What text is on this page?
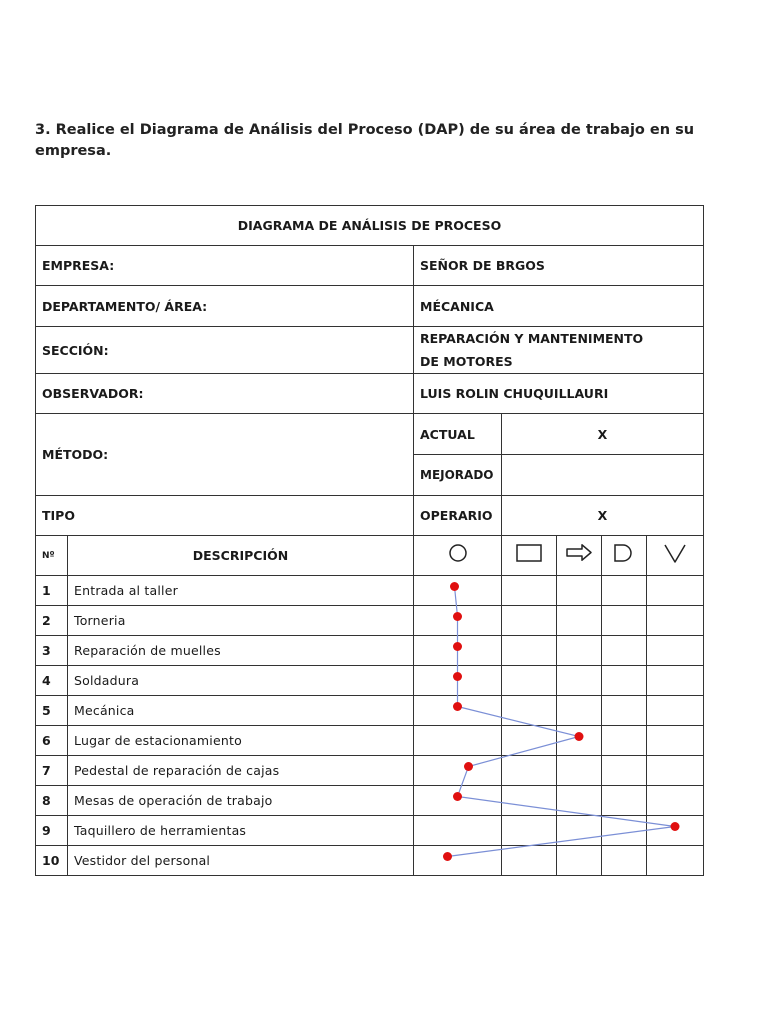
3. Realice el Diagrama de Análisis del Proceso (DAP) de su área de trabajo en su empresa.
DIAGRAMA DE ANÁLISIS DE PROCESO						
EMPRESA:		SEÑOR DE BRGOS				
DEPARTAMENTO/ ÁREA:		MÉCANICA				
SECCIÓN:		REPARACIÓN Y MANTENIMENTO DE MOTORES				
OBSERVADOR:		LUIS ROLIN CHUQUILLAURI				
MÉTODO:		ACTUAL	X			
		MEJORADO				
TIPO		OPERARIO	X			
Nº	DESCRIPCIÓN	

1	Entrada al taller					
2	Torneria					
3	Reparación de muelles					
4	Soldadura					
5	Mecánica					
6	Lugar de estacionamiento					
7	Pedestal de reparación de cajas					
8	Mesas de operación de trabajo					
9	Taquillero de herramientas					
10	Vestidor del personal					
